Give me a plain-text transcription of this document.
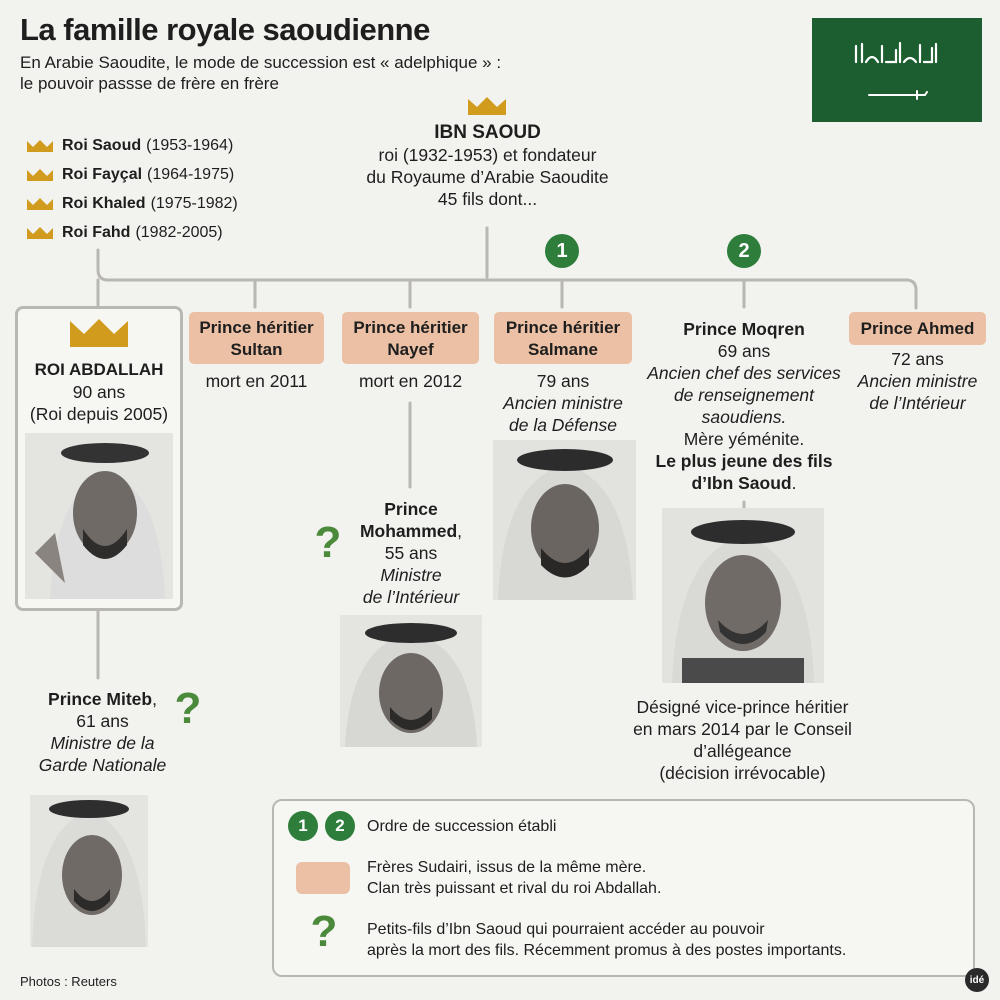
La famille royale saoudienne
En Arabie Saoudite, le mode de succession est « adelphique » :
le pouvoir passse de frère en frère
Roi Saoud (1953-1964)
Roi Fayçal (1964-1975)
Roi Khaled (1975-1982)
Roi Fahd (1982-2005)
IBN SAOUD
roi (1932-1953) et fondateur
du Royaume d’Arabie Saoudite
45 fils dont...
1	2
ROI ABDALLAH
90 ans
(Roi depuis 2005)
Prince héritier
Sultan
mort en 2011
Prince héritier
Nayef
mort en 2012
Prince héritier
Salmane
79 ans
Ancien ministre
de la Défense
Prince Moqren
69 ans
Ancien chef des services
de renseignement
saoudiens.
Mère yéménite.
Le plus jeune des fils
d’Ibn Saoud.
Désigné vice-prince héritier
en mars 2014 par le Conseil
d’allégeance
(décision irrévocable)
Prince Ahmed
72 ans
Ancien ministre
de l’Intérieur
?
Prince
Mohammed,
55 ans
Ministre
de l’Intérieur
Prince Miteb,
61 ans
Ministre de la
Garde Nationale
?
1	2	Ordre de succession établi
Frères Sudairi, issus de la même mère.
Clan très puissant et rival du roi Abdallah.
?	Petits-fils d’Ibn Saoud qui pourraient accéder au pouvoir
après la mort des fils. Récemment promus à des postes importants.
Photos : Reuters	idé
